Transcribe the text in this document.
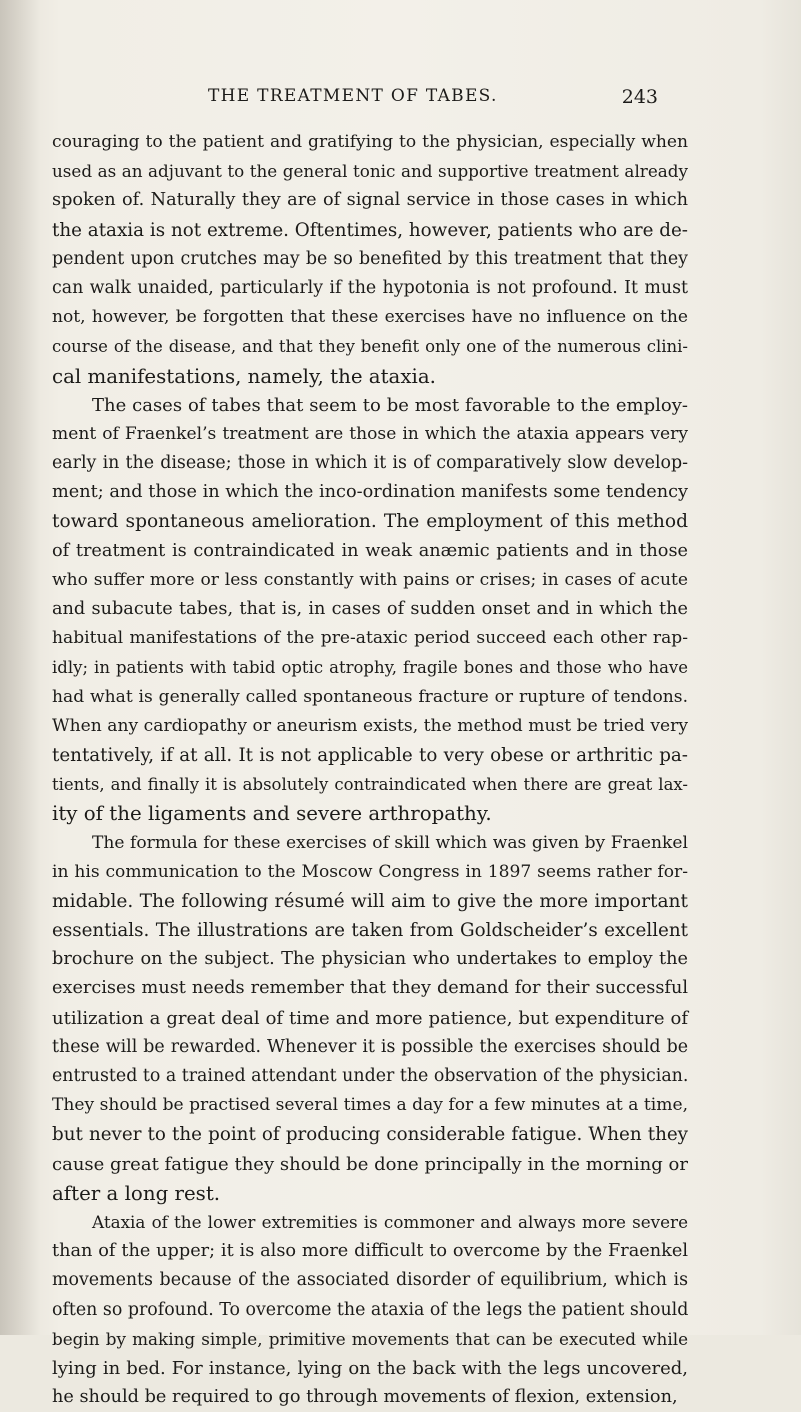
THE TREATMENT OF TABES.	243
couraging to the patient and gratifying to the physician, especially when
used as an adjuvant to the general tonic and supportive treatment already
spoken of. Naturally they are of signal service in those cases in which
the ataxia is not extreme. Oftentimes, however, patients who are de-
pendent upon crutches may be so benefited by this treatment that they
can walk unaided, particularly if the hypotonia is not profound. It must
not, however, be forgotten that these exercises have no influence on the
course of the disease, and that they benefit only one of the numerous clini-
cal manifestations, namely, the ataxia.
The cases of tabes that seem to be most favorable to the employ-
ment of Fraenkel’s treatment are those in which the ataxia appears very
early in the disease; those in which it is of comparatively slow develop-
ment; and those in which the inco-ordination manifests some tendency
toward spontaneous amelioration. The employment of this method
of treatment is contraindicated in weak anæmic patients and in those
who suffer more or less constantly with pains or crises; in cases of acute
and subacute tabes, that is, in cases of sudden onset and in which the
habitual manifestations of the pre-ataxic period succeed each other rap-
idly; in patients with tabid optic atrophy, fragile bones and those who have
had what is generally called spontaneous fracture or rupture of tendons.
When any cardiopathy or aneurism exists, the method must be tried very
tentatively, if at all. It is not applicable to very obese or arthritic pa-
tients, and finally it is absolutely contraindicated when there are great lax-
ity of the ligaments and severe arthropathy.
The formula for these exercises of skill which was given by Fraenkel
in his communication to the Moscow Congress in 1897 seems rather for-
midable. The following résumé will aim to give the more important
essentials. The illustrations are taken from Goldscheider’s excellent
brochure on the subject. The physician who undertakes to employ the
exercises must needs remember that they demand for their successful
utilization a great deal of time and more patience, but expenditure of
these will be rewarded. Whenever it is possible the exercises should be
entrusted to a trained attendant under the observation of the physician.
They should be practised several times a day for a few minutes at a time,
but never to the point of producing considerable fatigue. When they
cause great fatigue they should be done principally in the morning or
after a long rest.
Ataxia of the lower extremities is commoner and always more severe
than of the upper; it is also more difficult to overcome by the Fraenkel
movements because of the associated disorder of equilibrium, which is
often so profound. To overcome the ataxia of the legs the patient should
begin by making simple, primitive movements that can be executed while
lying in bed. For instance, lying on the back with the legs uncovered,
he should be required to go through movements of flexion, extension,
